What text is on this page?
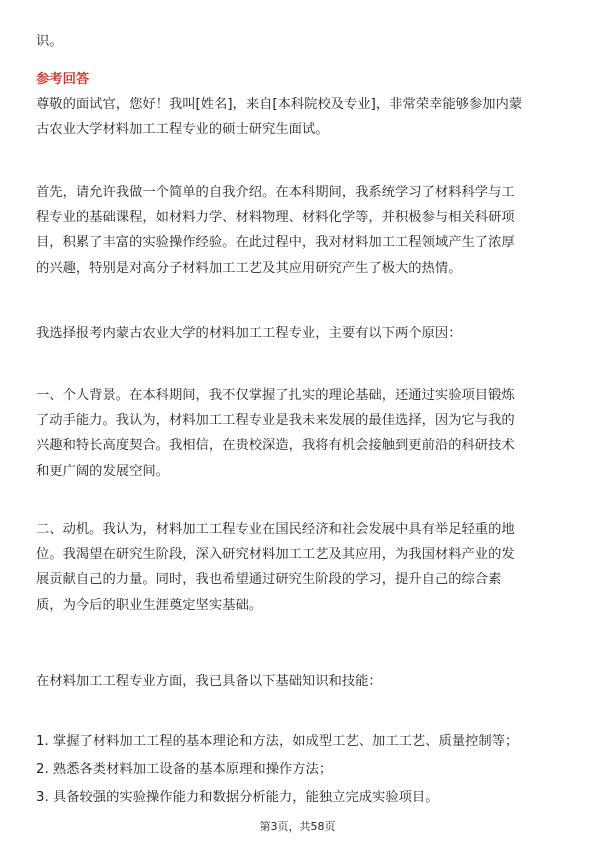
识。

参考回答

尊敬的面试官，您好！我叫[姓名]，来自[本科院校及专业]，非常荣幸能够参加内蒙
古农业大学材料加工工程专业的硕士研究生面试。

首先，请允许我做一个简单的自我介绍。在本科期间，我系统学习了材料科学与工
程专业的基础课程，如材料力学、材料物理、材料化学等，并积极参与相关科研项
目，积累了丰富的实验操作经验。在此过程中，我对材料加工工程领域产生了浓厚
的兴趣，特别是对高分子材料加工工艺及其应用研究产生了极大的热情。

我选择报考内蒙古农业大学的材料加工工程专业，主要有以下两个原因：

一、个人背景。在本科期间，我不仅掌握了扎实的理论基础，还通过实验项目锻炼
了动手能力。我认为，材料加工工程专业是我未来发展的最佳选择，因为它与我的
兴趣和特长高度契合。我相信，在贵校深造，我将有机会接触到更前沿的科研技术
和更广阔的发展空间。

二、动机。我认为，材料加工工程专业在国民经济和社会发展中具有举足轻重的地
位。我渴望在研究生阶段，深入研究材料加工工艺及其应用，为我国材料产业的发
展贡献自己的力量。同时，我也希望通过研究生阶段的学习，提升自己的综合素
质，为今后的职业生涯奠定坚实基础。

在材料加工工程专业方面，我已具备以下基础知识和技能：

1. 掌握了材料加工工程的基本理论和方法，如成型工艺、加工工艺、质量控制等；

2. 熟悉各类材料加工设备的基本原理和操作方法；

3. 具备较强的实验操作能力和数据分析能力，能独立完成实验项目。

第3页，共58页
